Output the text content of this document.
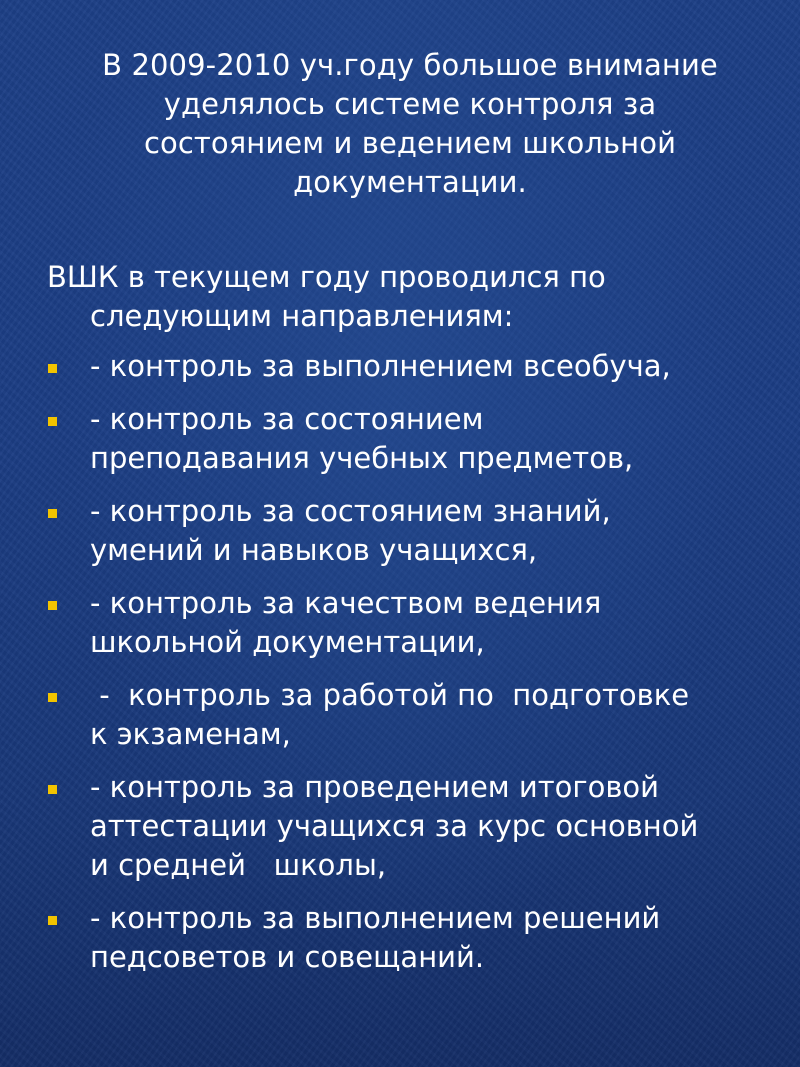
В 2009-2010 уч.году большое внимание
уделялось системе контроля за
состоянием и ведением школьной
документации.
ВШК в текущем году проводился по
следующим направлениям:
- контроль за выполнением всеобуча,
- контроль за состоянием
преподавания учебных предметов,
- контроль за состоянием знаний,
умений и навыков учащихся,
- контроль за качеством ведения
школьной документации,
-  контроль за работой по  подготовке
к экзаменам,
- контроль за проведением итоговой
аттестации учащихся за курс основной
и средней   школы,
- контроль за выполнением решений
педсоветов и совещаний.
